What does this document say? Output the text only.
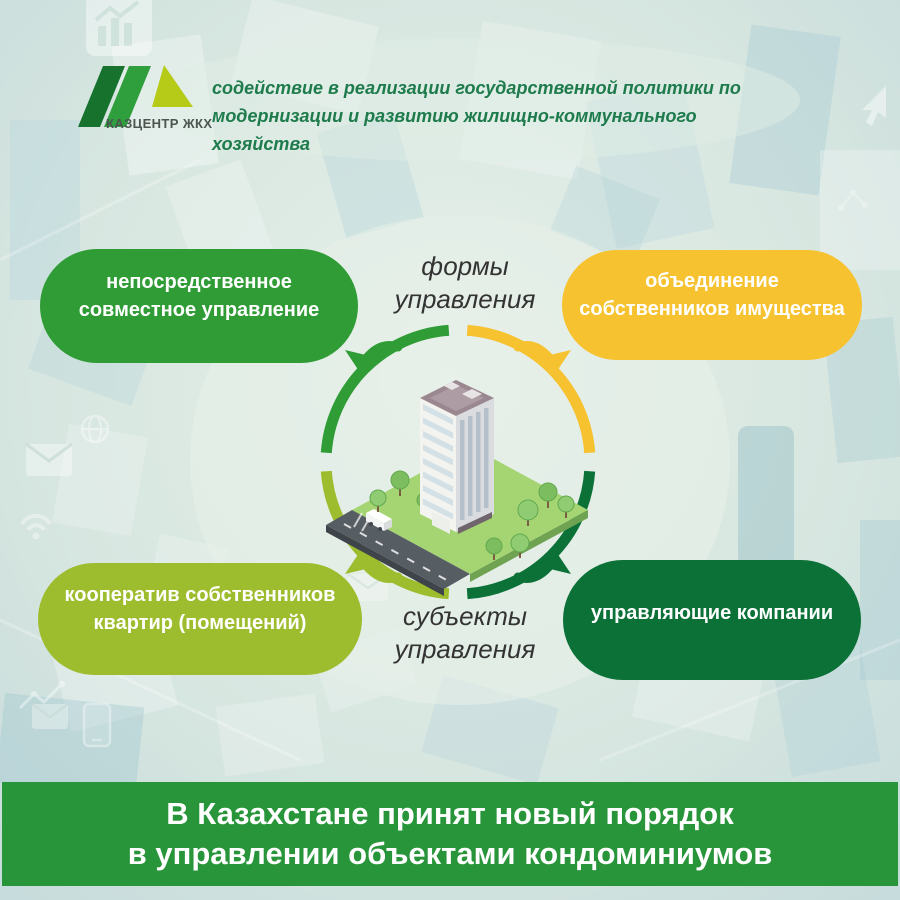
КАЗЦЕНТР ЖКХ
содействие в реализации государственной политики по
модернизации и развитию жилищно-коммунального хозяйства
непосредственное
совместное управление
объединение
собственников имущества
кооператив собственников
квартир (помещений)	управляющие компании
формы
управления
субъекты
управления
В Казахстане принят новый порядок
в управлении объектами кондоминиумов
